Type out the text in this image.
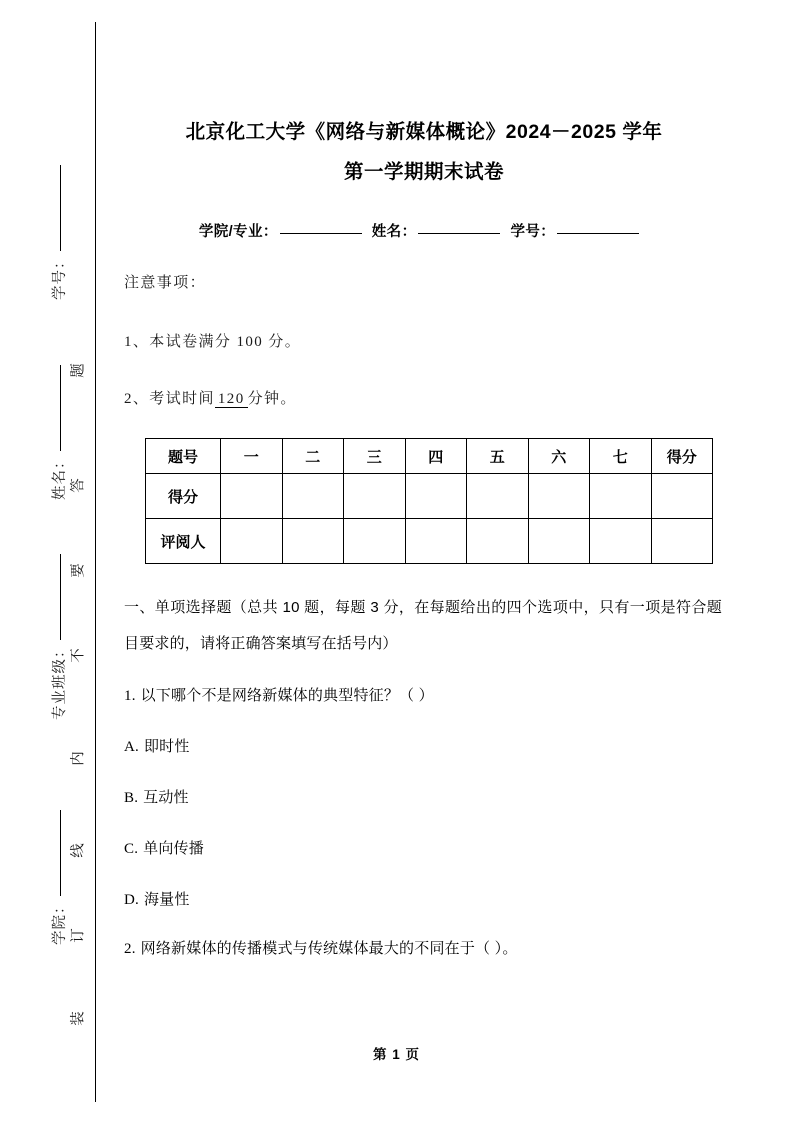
学号：
姓名：
专业班级：
学院：
题
答
要
不
内
线
订
装
北京化工大学《网络与新媒体概论》2024－2025 学年
第一学期期末试卷
学院/专业：	姓名：	学号：
注意事项：
1、本试卷满分 100 分。
2、考试时间 120 分钟。
题号	一	二	三	四	五	六	七	得分
得分								
评阅人								
一、单项选择题（总共 10 题，每题 3 分，在每题给出的四个选项中，只有一项是符合题目要求的，请将正确答案填写在括号内）
1. 以下哪个不是网络新媒体的典型特征？（ ）
A. 即时性
B. 互动性
C. 单向传播
D. 海量性
2. 网络新媒体的传播模式与传统媒体最大的不同在于（ ）。
第 1 页
